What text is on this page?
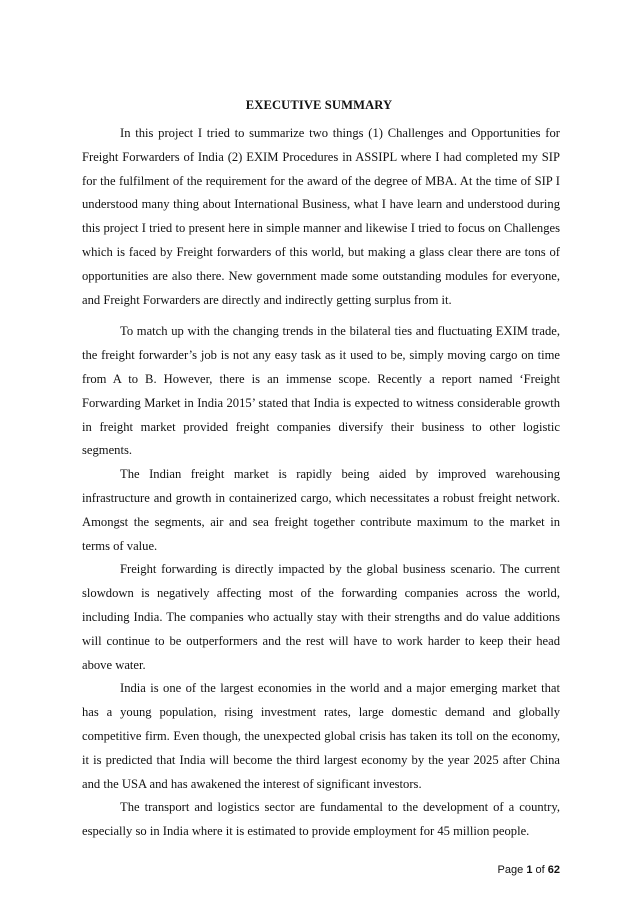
EXECUTIVE SUMMARY

In this project I tried to summarize two things (1) Challenges and Opportunities for Freight Forwarders of India (2) EXIM Procedures in ASSIPL where I had completed my SIP for the fulfilment of the requirement for the award of the degree of MBA. At the time of SIP I understood many thing about International Business, what I have learn and understood during this project I tried to present here in simple manner and likewise I tried to focus on Challenges which is faced by Freight forwarders of this world, but making a glass clear there are tons of opportunities are also there. New government made some outstanding modules for everyone, and Freight Forwarders are directly and indirectly getting surplus from it.

To match up with the changing trends in the bilateral ties and fluctuating EXIM trade, the freight forwarder’s job is not any easy task as it used to be, simply moving cargo on time from A to B. However, there is an immense scope. Recently a report named ‘Freight Forwarding Market in India 2015’ stated that India is expected to witness considerable growth in freight market provided freight companies diversify their business to other logistic segments.

The Indian freight market is rapidly being aided by improved warehousing infrastructure and growth in containerized cargo, which necessitates a robust freight network. Amongst the segments, air and sea freight together contribute maximum to the market in terms of value.

Freight forwarding is directly impacted by the global business scenario. The current slowdown is negatively affecting most of the forwarding companies across the world, including India. The companies who actually stay with their strengths and do value additions will continue to be outperformers and the rest will have to work harder to keep their head above water.

India is one of the largest economies in the world and a major emerging market that has a young population, rising investment rates, large domestic demand and globally competitive firm. Even though, the unexpected global crisis has taken its toll on the economy, it is predicted that India will become the third largest economy by the year 2025 after China and the USA and has awakened the interest of significant investors.

The transport and logistics sector are fundamental to the development of a country, especially so in India where it is estimated to provide employment for 45 million people.

Page 1 of 62
